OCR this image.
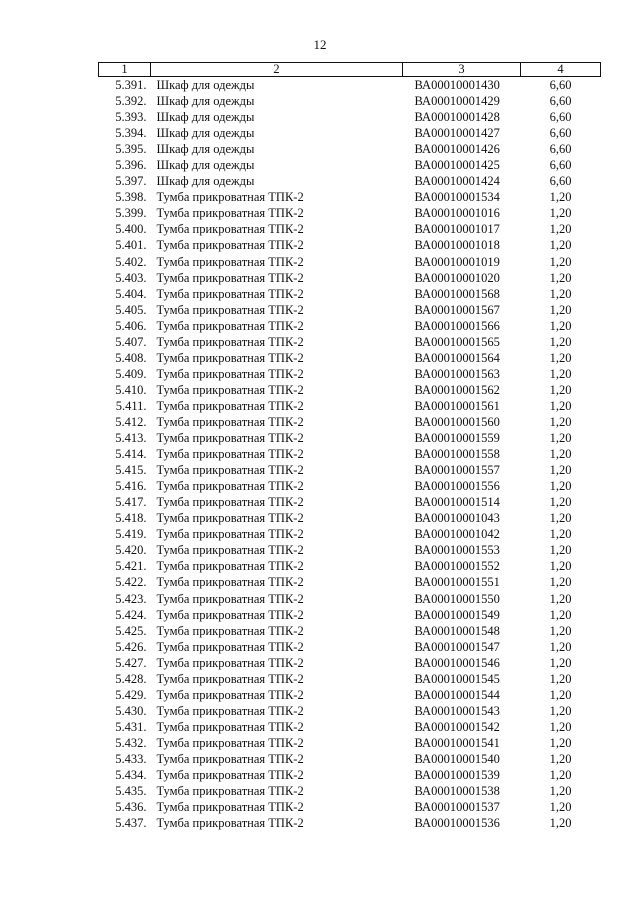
12
1	2	3	4
5.391.	Шкаф для одежды	ВА00010001430	6,60
5.392.	Шкаф для одежды	ВА00010001429	6,60
5.393.	Шкаф для одежды	ВА00010001428	6,60
5.394.	Шкаф для одежды	ВА00010001427	6,60
5.395.	Шкаф для одежды	ВА00010001426	6,60
5.396.	Шкаф для одежды	ВА00010001425	6,60
5.397.	Шкаф для одежды	ВА00010001424	6,60
5.398.	Тумба прикроватная ТПК-2	ВА00010001534	1,20
5.399.	Тумба прикроватная ТПК-2	ВА00010001016	1,20
5.400.	Тумба прикроватная ТПК-2	ВА00010001017	1,20
5.401.	Тумба прикроватная ТПК-2	ВА00010001018	1,20
5.402.	Тумба прикроватная ТПК-2	ВА00010001019	1,20
5.403.	Тумба прикроватная ТПК-2	ВА00010001020	1,20
5.404.	Тумба прикроватная ТПК-2	ВА00010001568	1,20
5.405.	Тумба прикроватная ТПК-2	ВА00010001567	1,20
5.406.	Тумба прикроватная ТПК-2	ВА00010001566	1,20
5.407.	Тумба прикроватная ТПК-2	ВА00010001565	1,20
5.408.	Тумба прикроватная ТПК-2	ВА00010001564	1,20
5.409.	Тумба прикроватная ТПК-2	ВА00010001563	1,20
5.410.	Тумба прикроватная ТПК-2	ВА00010001562	1,20
5.411.	Тумба прикроватная ТПК-2	ВА00010001561	1,20
5.412.	Тумба прикроватная ТПК-2	ВА00010001560	1,20
5.413.	Тумба прикроватная ТПК-2	ВА00010001559	1,20
5.414.	Тумба прикроватная ТПК-2	ВА00010001558	1,20
5.415.	Тумба прикроватная ТПК-2	ВА00010001557	1,20
5.416.	Тумба прикроватная ТПК-2	ВА00010001556	1,20
5.417.	Тумба прикроватная ТПК-2	ВА00010001514	1,20
5.418.	Тумба прикроватная ТПК-2	ВА00010001043	1,20
5.419.	Тумба прикроватная ТПК-2	ВА00010001042	1,20
5.420.	Тумба прикроватная ТПК-2	ВА00010001553	1,20
5.421.	Тумба прикроватная ТПК-2	ВА00010001552	1,20
5.422.	Тумба прикроватная ТПК-2	ВА00010001551	1,20
5.423.	Тумба прикроватная ТПК-2	ВА00010001550	1,20
5.424.	Тумба прикроватная ТПК-2	ВА00010001549	1,20
5.425.	Тумба прикроватная ТПК-2	ВА00010001548	1,20
5.426.	Тумба прикроватная ТПК-2	ВА00010001547	1,20
5.427.	Тумба прикроватная ТПК-2	ВА00010001546	1,20
5.428.	Тумба прикроватная ТПК-2	ВА00010001545	1,20
5.429.	Тумба прикроватная ТПК-2	ВА00010001544	1,20
5.430.	Тумба прикроватная ТПК-2	ВА00010001543	1,20
5.431.	Тумба прикроватная ТПК-2	ВА00010001542	1,20
5.432.	Тумба прикроватная ТПК-2	ВА00010001541	1,20
5.433.	Тумба прикроватная ТПК-2	ВА00010001540	1,20
5.434.	Тумба прикроватная ТПК-2	ВА00010001539	1,20
5.435.	Тумба прикроватная ТПК-2	ВА00010001538	1,20
5.436.	Тумба прикроватная ТПК-2	ВА00010001537	1,20
5.437.	Тумба прикроватная ТПК-2	ВА00010001536	1,20
